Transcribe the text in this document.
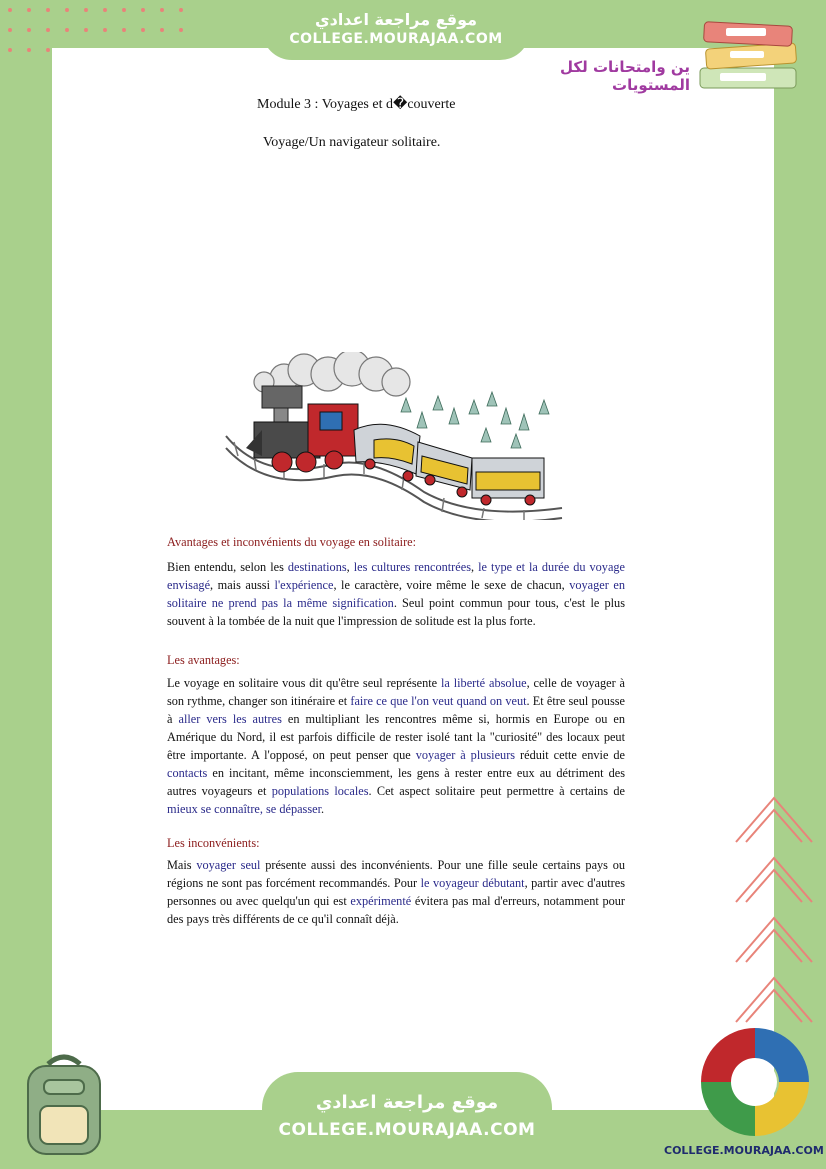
موقع مراجعة اعدادي
COLLEGE.MOURAJAA.COM
ين وامتحانات لكل المستويات
Module 3 : Voyages et d�couverte
Voyage/Un navigateur solitaire.
Avantages et inconvénients du voyage en solitaire:
Bien entendu, selon les destinations, les cultures rencontrées, le type et la durée du voyage envisagé, mais aussi l'expérience, le caractère, voire même le sexe de chacun, voyager en solitaire ne prend pas la même signification. Seul point commun pour tous, c'est le plus souvent à la tombée de la nuit que l'impression de solitude est la plus forte.
Les avantages:
Le voyage en solitaire vous dit qu'être seul représente la liberté absolue, celle de voyager à son rythme, changer son itinéraire et faire ce que l'on veut quand on veut. Et être seul pousse à aller vers les autres en multipliant les rencontres même si, hormis en Europe ou en Amérique du Nord, il est parfois difficile de rester isolé tant la "curiosité" des locaux peut être importante. A l'opposé, on peut penser que voyager à plusieurs réduit cette envie de contacts en incitant, même inconsciemment, les gens à rester entre eux au détriment des autres voyageurs et populations locales. Cet aspect solitaire peut permettre à certains de mieux se connaître, se dépasser.
Les inconvénients:
Mais voyager seul présente aussi des inconvénients. Pour une fille seule certains pays ou régions ne sont pas forcément recommandés. Pour le voyageur débutant, partir avec d'autres personnes ou avec quelqu'un qui est expérimenté évitera pas mal d'erreurs, notamment pour des pays très différents de ce qu'il connaît déjà.
COLLEGE.MOURAJAA.COM
موقع مراجعة اعدادي
COLLEGE.MOURAJAA.COM
